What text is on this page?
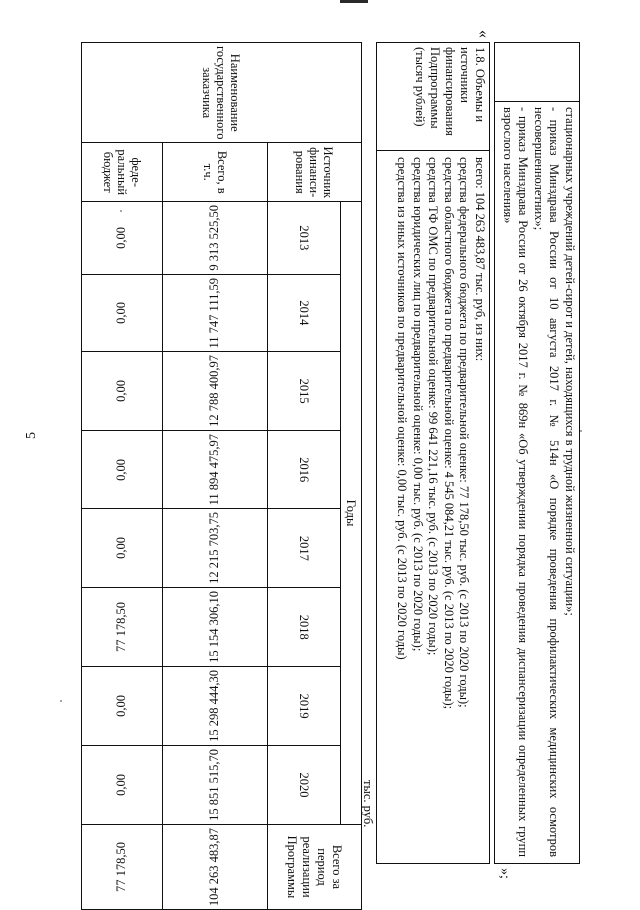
5	стационарных учреждений детей-сирот и детей, находящихся в трудной жизненной ситуации»;

- приказ Минздрава России от 10 августа 2017 г. № 514н «О порядке проведения профилактических медицинских осмотров несовершеннолетних»;

- приказ Минздрава России от 26 октября 2017 г. № 869н «Об утверждении порядка проведения диспансеризации определенных групп взрослого населения»

»;
«
1.8. Объемы и источники финансирования Подпрограммы (тысяч рублей)

всего: 104 263 483,87 тыс. руб, из них:

средства федерального бюджета по предварительной оценке: 77 178,50 тыс. руб. (с 2013 по 2020 годы);

средства областного бюджета по предварительной оценке: 4 545 084,21 тыс. руб. (с 2013 по 2020 годы);

средства ТФ ОМС по предварительной оценке: 99 641 221,16 тыс. руб. (с 2013 по 2020 годы);

средства юридических лиц по предварительной оценке: 0,00 тыс. руб. (с 2013 по 2020 годы);

средства из иных источников по предварительной оценке: 0,00 тыс. руб. (с 2013 по 2020 годы)

тыс. руб.
Наименование государственного заказчика	Источник финанси-рования	Годы								Всего за период реализации Программы
		2013	2014	2015	2016	2017	2018	2019	2020	
	Всего, в т.ч.	9 313 525,50	11 747 111,59	12 788 400,97	11 894 475,97	12 215 703,75	15 154 306,10	15 298 444,30	15 851 515,70	104 263 483,87
	феде-ральный бюджет	0,00	0,00	0,00	0,00	0,00	77 178,50	0,00	0,00	77 178,50
